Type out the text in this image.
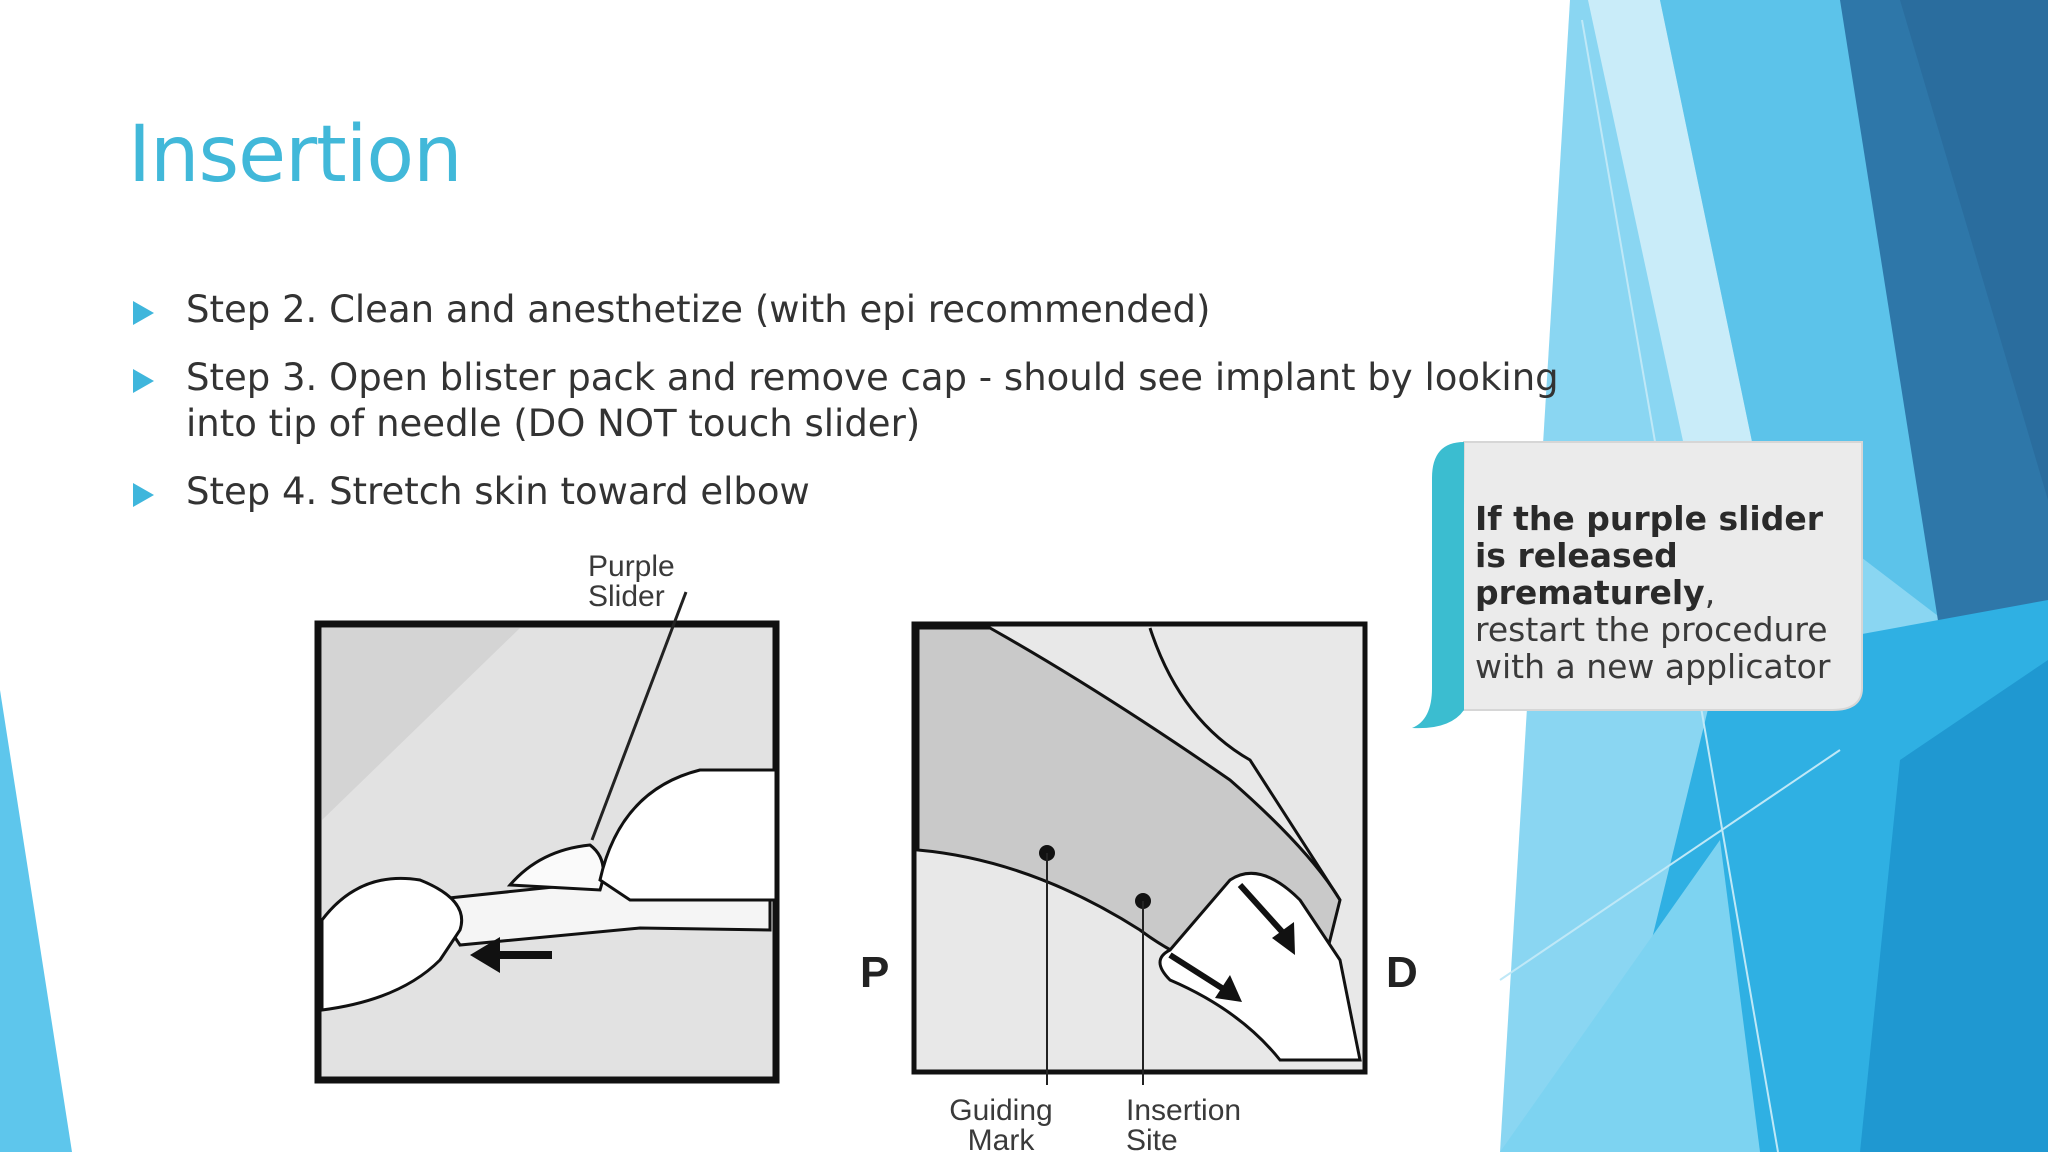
Insertion
Step 2. Clean and anesthetize (with epi recommended)
Step 3. Open blister pack and remove cap - should see implant by looking into tip of needle (DO NOT touch slider)
Step 4. Stretch skin toward elbow

If the purple slider is released prematurely,
restart the procedure with a new applicator

Purple Slider
P	D
Guiding
Mark
Insertion
Site
